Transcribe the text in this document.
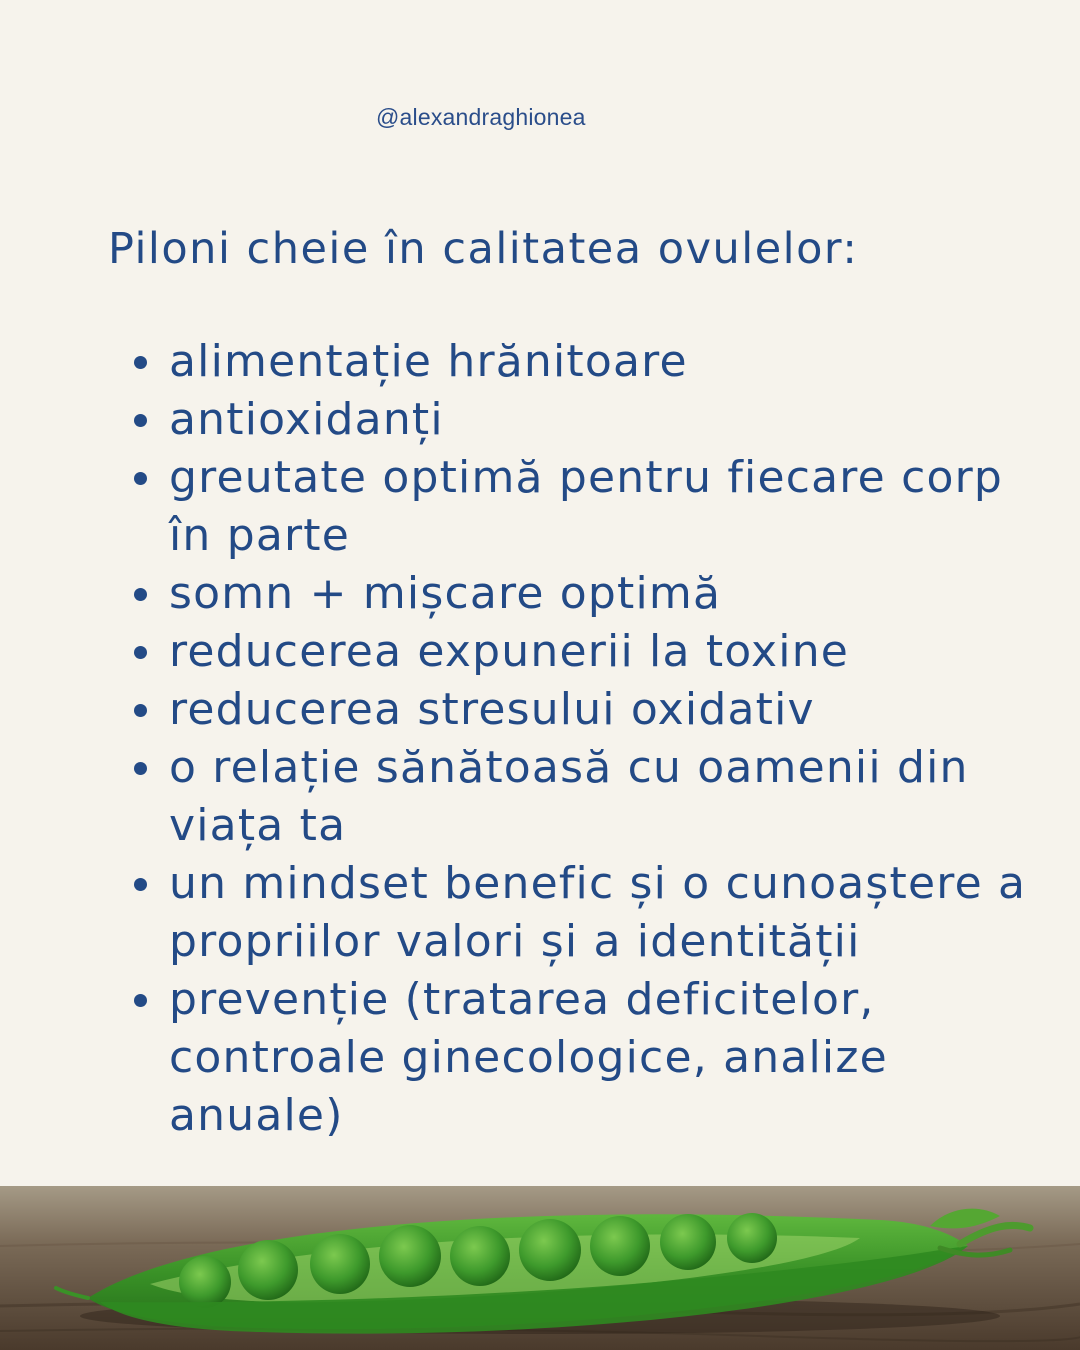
@alexandraghionea
Piloni cheie în calitatea ovulelor:
alimentație hrănitoare
antioxidanți
greutate optimă pentru fiecare corp în parte
somn + mișcare optimă
reducerea expunerii la toxine
reducerea stresului oxidativ
o relație sănătoasă cu oamenii din viața ta
un mindset benefic și o cunoaștere a propriilor valori și a identității
prevenție (tratarea deficitelor, controale ginecologice, analize anuale)
